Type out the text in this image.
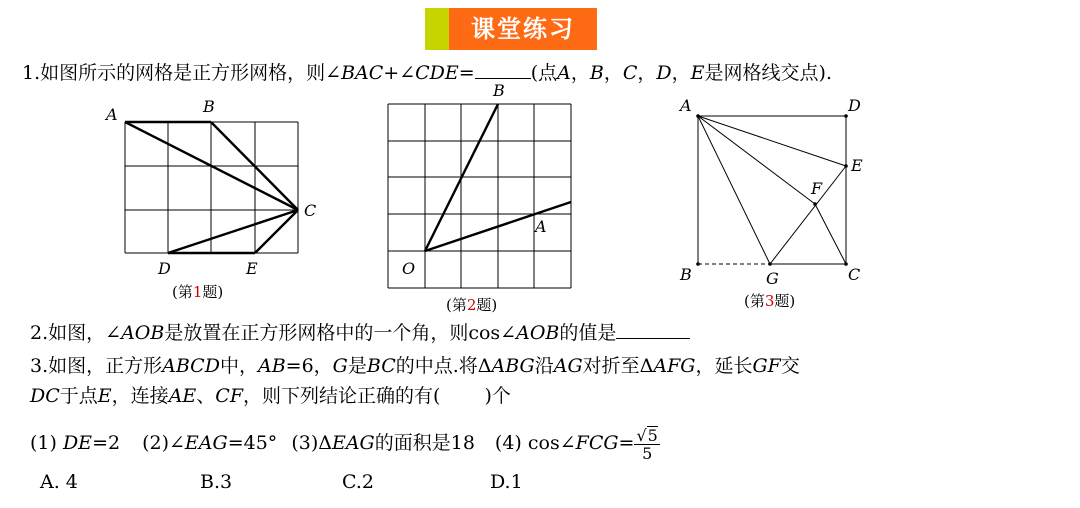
课堂练习
1.如图所示的网格是正方形网格，则∠BAC+∠CDE=	(点A，B，C，D，E是网格线交点).
A	B
C
D	E
(第1题)
O
A
B
(第2题)
A	D
E
F
B	G	C
(第3题)
2.如图，∠AOB是放置在正方形网格中的一个角，则cos∠AOB的值是
3.如图，正方形ABCD中，AB=6，G是BC的中点.将ΔABG沿AG对折至ΔAFG，延长GF交
DC于点E，连接AE、CF，则下列结论正确的有( )个
(1) DE=2 (2)∠EAG=45° (3)ΔEAG的面积是18 (4) cos∠FCG= $\frac{√5}{5}$
A. 4	B.3	C.2	D.1
